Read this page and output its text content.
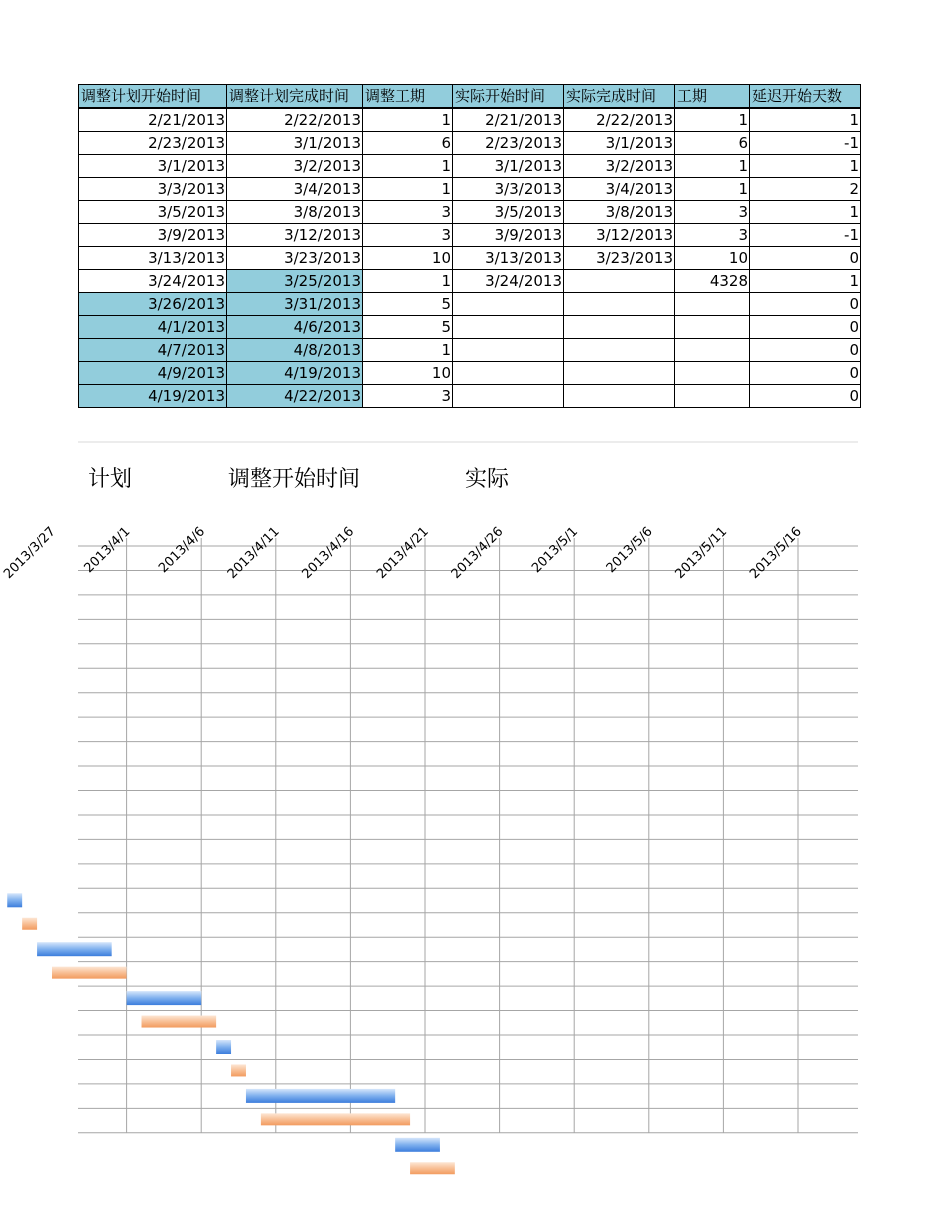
调整计划开始时间	调整计划完成时间	调整工期	实际开始时间	实际完成时间	工期	延迟开始天数
2/21/2013	2/22/2013	1	2/21/2013	2/22/2013	1	1
2/23/2013	3/1/2013	6	2/23/2013	3/1/2013	6	-1
3/1/2013	3/2/2013	1	3/1/2013	3/2/2013	1	1
3/3/2013	3/4/2013	1	3/3/2013	3/4/2013	1	2
3/5/2013	3/8/2013	3	3/5/2013	3/8/2013	3	1
3/9/2013	3/12/2013	3	3/9/2013	3/12/2013	3	-1
3/13/2013	3/23/2013	10	3/13/2013	3/23/2013	10	0
3/24/2013	3/25/2013	1	3/24/2013		4328	1
3/26/2013	3/31/2013	5				0
4/1/2013	4/6/2013	5				0
4/7/2013	4/8/2013	1				0
4/9/2013	4/19/2013	10				0
4/19/2013	4/22/2013	3				0
2013/3/27 2013/4/1 2013/4/6 2013/4/11 2013/4/16 2013/4/21 2013/4/26 2013/5/1 2013/5/6 2013/5/11 2013/5/16
计划	调整开始时间	实际
